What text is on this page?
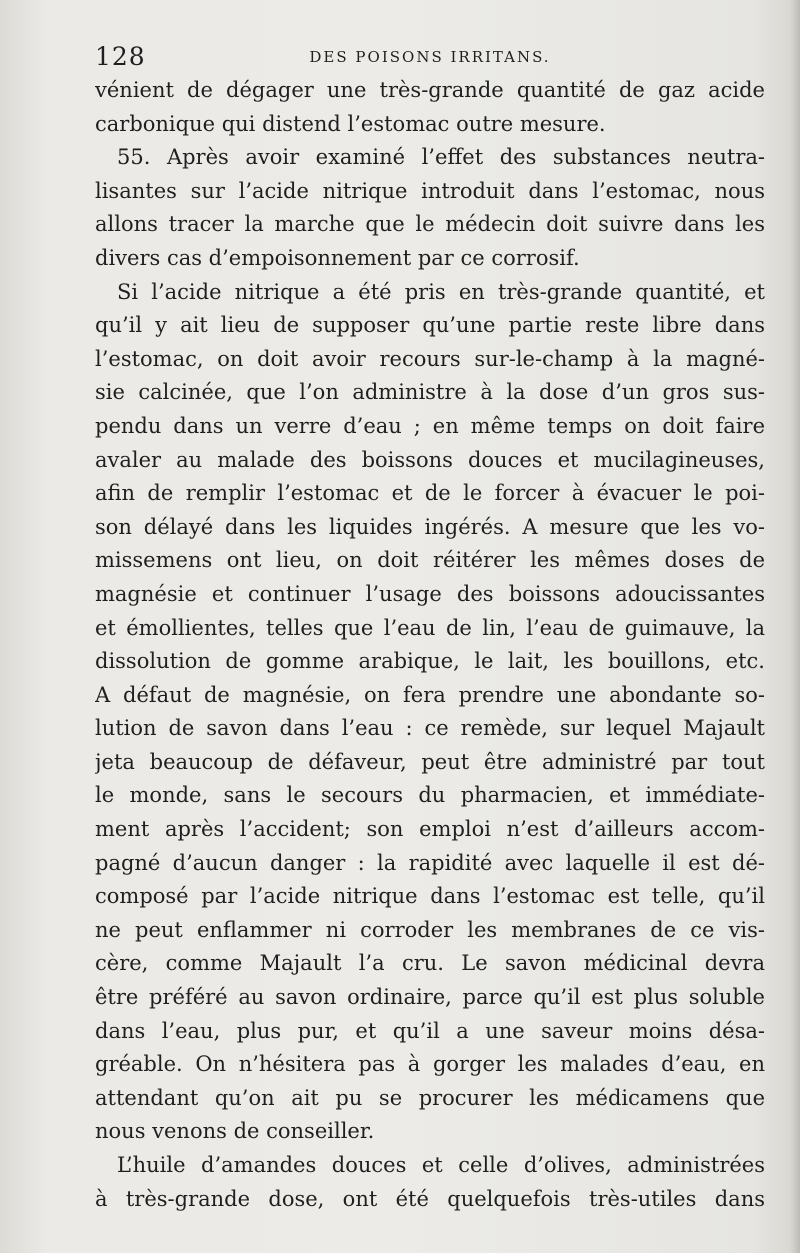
128	DES POISONS IRRITANS.
vénient de dégager une très-grande quantité de gaz acide
carbonique qui distend l’estomac outre mesure.
55. Après avoir examiné l’effet des substances neutra-
lisantes sur l’acide nitrique introduit dans l’estomac, nous
allons tracer la marche que le médecin doit suivre dans les
divers cas d’empoisonnement par ce corrosif.
Si l’acide nitrique a été pris en très-grande quantité, et
qu’il y ait lieu de supposer qu’une partie reste libre dans
l’estomac, on doit avoir recours sur-le-champ à la magné-
sie calcinée, que l’on administre à la dose d’un gros sus-
pendu dans un verre d’eau ; en même temps on doit faire
avaler au malade des boissons douces et mucilagineuses,
afin de remplir l’estomac et de le forcer à évacuer le poi-
son délayé dans les liquides ingérés. A mesure que les vo-
missemens ont lieu, on doit réitérer les mêmes doses de
magnésie et continuer l’usage des boissons adoucissantes
et émollientes, telles que l’eau de lin, l’eau de guimauve, la
dissolution de gomme arabique, le lait, les bouillons, etc.
A défaut de magnésie, on fera prendre une abondante so-
lution de savon dans l’eau : ce remède, sur lequel Majault
jeta beaucoup de défaveur, peut être administré par tout
le monde, sans le secours du pharmacien, et immédiate-
ment après l’accident; son emploi n’est d’ailleurs accom-
pagné d’aucun danger : la rapidité avec laquelle il est dé-
composé par l’acide nitrique dans l’estomac est telle, qu’il
ne peut enflammer ni corroder les membranes de ce vis-
cère, comme Majault l’a cru. Le savon médicinal devra
être préféré au savon ordinaire, parce qu’il est plus soluble
dans l’eau, plus pur, et qu’il a une saveur moins désa-
gréable. On n’hésitera pas à gorger les malades d’eau, en
attendant qu’on ait pu se procurer les médicamens que
nous venons de conseiller.
L’huile d’amandes douces et celle d’olives, administrées
à très-grande dose, ont été quelquefois très-utiles dans
